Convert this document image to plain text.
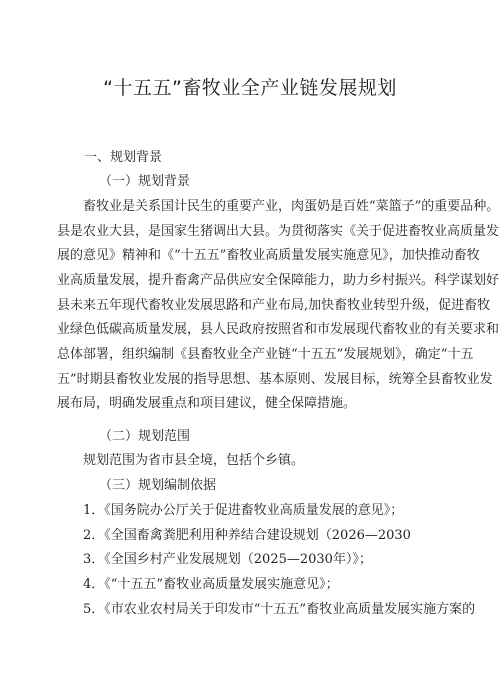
“十五五”畜牧业全产业链发展规划
一、规划背景
（一）规划背景
畜牧业是关系国计民生的重要产业，肉蛋奶是百姓“菜篮子”的重要品种。
县是农业大县，是国家生猪调出大县。为贯彻落实《关于促进畜牧业高质量发
展的意见》精神和《“十五五”畜牧业高质量发展实施意见》，加快推动畜牧
业高质量发展，提升畜禽产品供应安全保障能力，助力乡村振兴。科学谋划好
县未来五年现代畜牧业发展思路和产业布局,加快畜牧业转型升级，促进畜牧
业绿色低碳高质量发展，县人民政府按照省和市发展现代畜牧业的有关要求和
总体部署，组织编制《县畜牧业全产业链“十五五”发展规划》，确定“十五
五”时期县畜牧业发展的指导思想、基本原则、发展目标，统筹全县畜牧业发
展布局，明确发展重点和项目建议，健全保障措施。
（二）规划范围
规划范围为省市县全境，包括个乡镇。
（三）规划编制依据
1．《国务院办公厅关于促进畜牧业高质量发展的意见》；
2．《全国畜禽粪肥利用种养结合建设规划（2026—2030
3．《全国乡村产业发展规划（2025—2030年）》；
4．《“十五五”畜牧业高质量发展实施意见》；
5．《市农业农村局关于印发市“十五五”畜牧业高质量发展实施方案的
